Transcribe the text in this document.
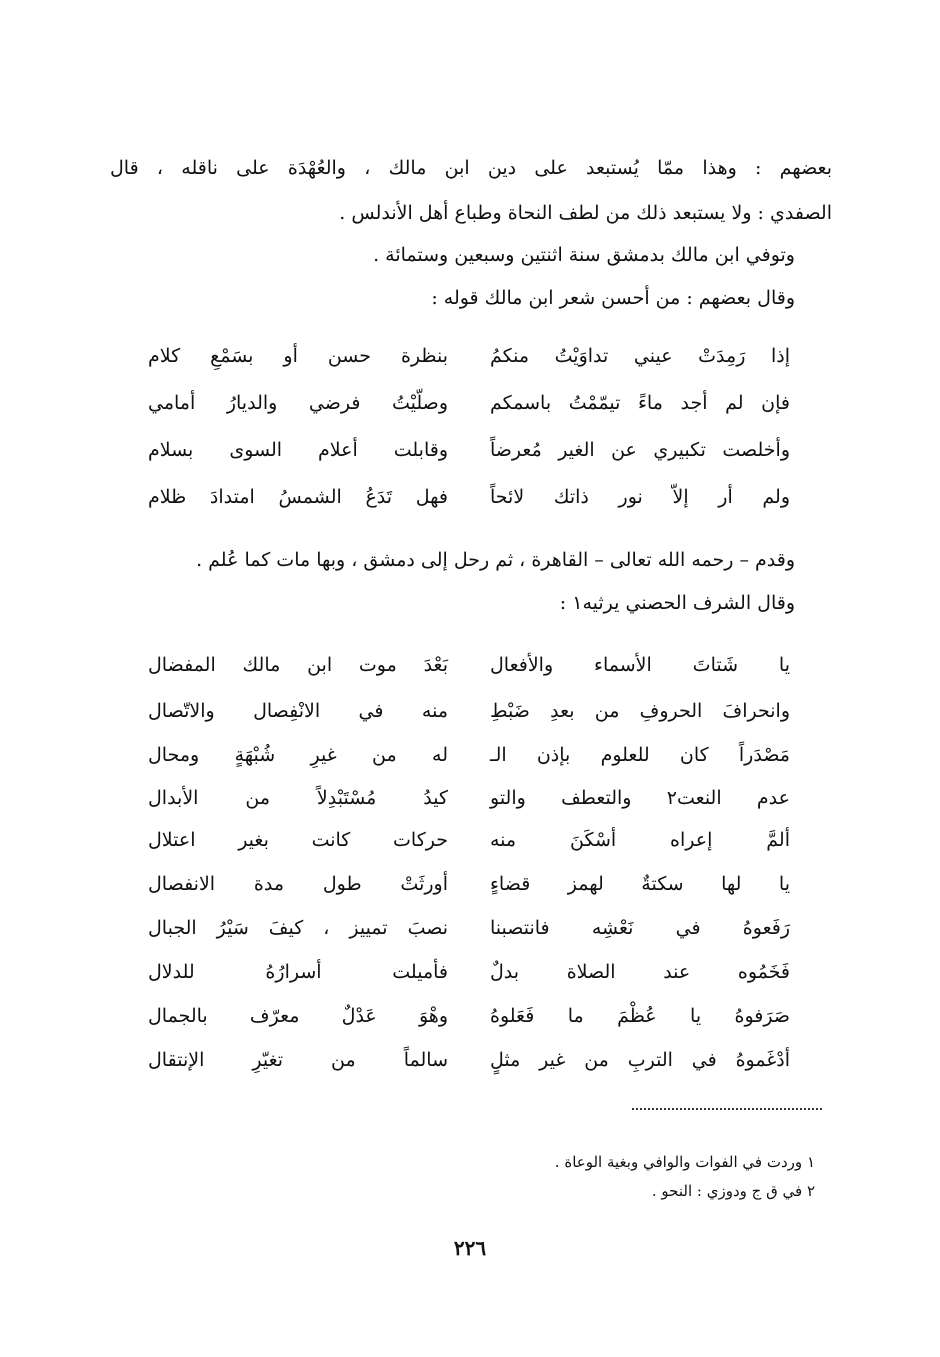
بعضهم : وهذا ممّا يُستبعد على دين ابن مالك ، والعُهْدَة على ناقله ، قال
الصفدي : ولا يستبعد ذلك من لطف النحاة وطباع أهل الأندلس .
وتوفي ابن مالك بدمشق سنة اثنتين وسبعين وستمائة .
وقال بعضهم : من أحسن شعر ابن مالك قوله :
إذا رَمِدَتْ عيني تداوَيْتُ منكمُ
بنظرة حسن أو بسَمْعِ كلام
فإن لم أجد ماءً تيمّمْتُ باسمكم
وصلّيْتُ فرضي والديارُ أمامي
وأخلصت تكبيري عن الغير مُعرضاً
وقابلت أعلام السوى بسلام
ولم أر إلاّ نور ذاتك لائحاً
فهل تَدَعُ الشمسُ امتدادَ ظلام
وقدم – رحمه الله تعالى – القاهرة ، ثم رحل إلى دمشق ، وبها مات كما عُلم .
وقال الشرف الحصني يرثيه١ :
يا شَتاتَ الأسماء والأفعال
بَعْدَ موت ابن مالك المفضال
وانحرافَ الحروفِ من بعدِ ضَبْطِ
منه في الانْفِصال والاتّصال
مَصْدَراً كان للعلوم بإذن الـ
له من غيرِ شُبْهَةٍ ومحال
عدم النعت٢ والتعطف والتو
كيدُ مُسْتَبْدِلاً من الأبدال
ألمَّ إعراه أسْكَنَ منه
حركات كانت بغير اعتلال
يا لها سكتةٌ لهمز قضاءٍ
أورثَتْ طول مدة الانفصال
رَفَعوهُ في نَعْشِه فانتصبنا
نصبَ تمييز ، كيفَ سَيْرُ الجبال
فَخَمُوه عند الصلاة بدلٌ
فأميلت أسرارُهُ للدلال
صَرَفوهُ يا عُظْمَ ما فَعَلوهُ
وهْوَ عَدْلٌ معرّف بالجمال
أدْغَموهُ في التربِ من غير مثلٍ
سالماً من تغيّرِ الإنتقال
١ وردت في الفوات والوافي وبغية الوعاة .
٢ في ق ج ودوزي : النحو .
٢٢٦
